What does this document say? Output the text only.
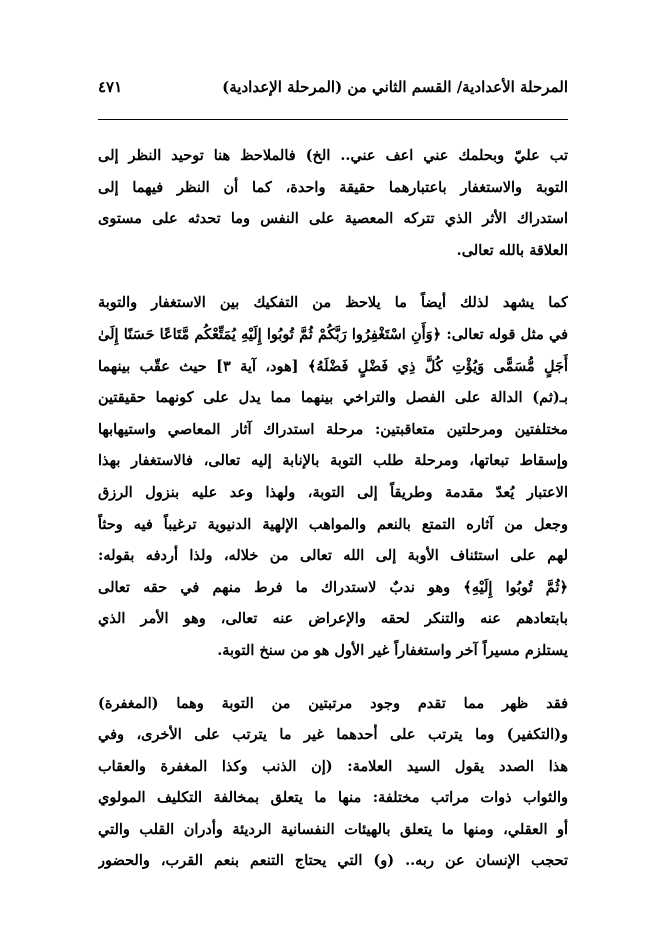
المرحلة الأعدادية/ القسم الثاني من (المرحلة الإعدادية)
٤٧١
تب عليّ وبحلمك عني اعف عني.. الخ) فالملاحظ هنا توحيد النظر إلى
التوبة والاستغفار باعتبارهما حقيقة واحدة، كما أن النظر فيهما إلى
استدراك الأثر الذي تتركه المعصية على النفس وما تحدثه على مستوى
العلاقة بالله تعالى.
كما يشهد لذلك أيضاً ما يلاحظ من التفكيك بين الاستغفار والتوبة
في مثل قوله تعالى: ﴿وَأَنِ اسْتَغْفِرُوا رَبَّكُمْ ثُمَّ تُوبُوا إِلَيْهِ يُمَتِّعْكُم مَّتَاعًا حَسَنًا إِلَىٰ
أَجَلٍ مُّسَمًّى وَيُؤْتِ كُلَّ ذِي فَضْلٍ فَضْلَهُ﴾ [هود، آية ٣] حيث عقّب بينهما
بـ(ثم) الدالة على الفصل والتراخي بينهما مما يدل على كونهما حقيقتين
مختلفتين ومرحلتين متعاقبتين: مرحلة استدراك آثار المعاصي واستيهابها
وإسقاط تبعاتها، ومرحلة طلب التوبة بالإنابة إليه تعالى، فالاستغفار بهذا
الاعتبار يُعدّ مقدمة وطريقاً إلى التوبة، ولهذا وعد عليه بنزول الرزق
وجعل من آثاره التمتع بالنعم والمواهب الإلهية الدنيوية ترغيباً فيه وحثاً
لهم على استئناف الأوبة إلى الله تعالى من خلاله، ولذا أردفه بقوله:
﴿ثُمَّ تُوبُوا إِلَيْهِ﴾ وهو ندبٌ لاستدراك ما فرط منهم في حقه تعالى
بابتعادهم عنه والتنكر لحقه والإعراض عنه تعالى، وهو الأمر الذي
يستلزم مسيراً آخر واستغفاراً غير الأول هو من سنخ التوبة.
فقد ظهر مما تقدم وجود مرتبتين من التوبة وهما (المغفرة)
و(التكفير) وما يترتب على أحدهما غير ما يترتب على الأخرى، وفي
هذا الصدد يقول السيد العلامة: (إن الذنب وكذا المغفرة والعقاب
والثواب ذوات مراتب مختلفة: منها ما يتعلق بمخالفة التكليف المولوي
أو العقلي، ومنها ما يتعلق بالهيئات النفسانية الرديئة وأدران القلب والتي
تحجب الإنسان عن ربه.. (و) التي يحتاج التنعم بنعم القرب، والحضور
